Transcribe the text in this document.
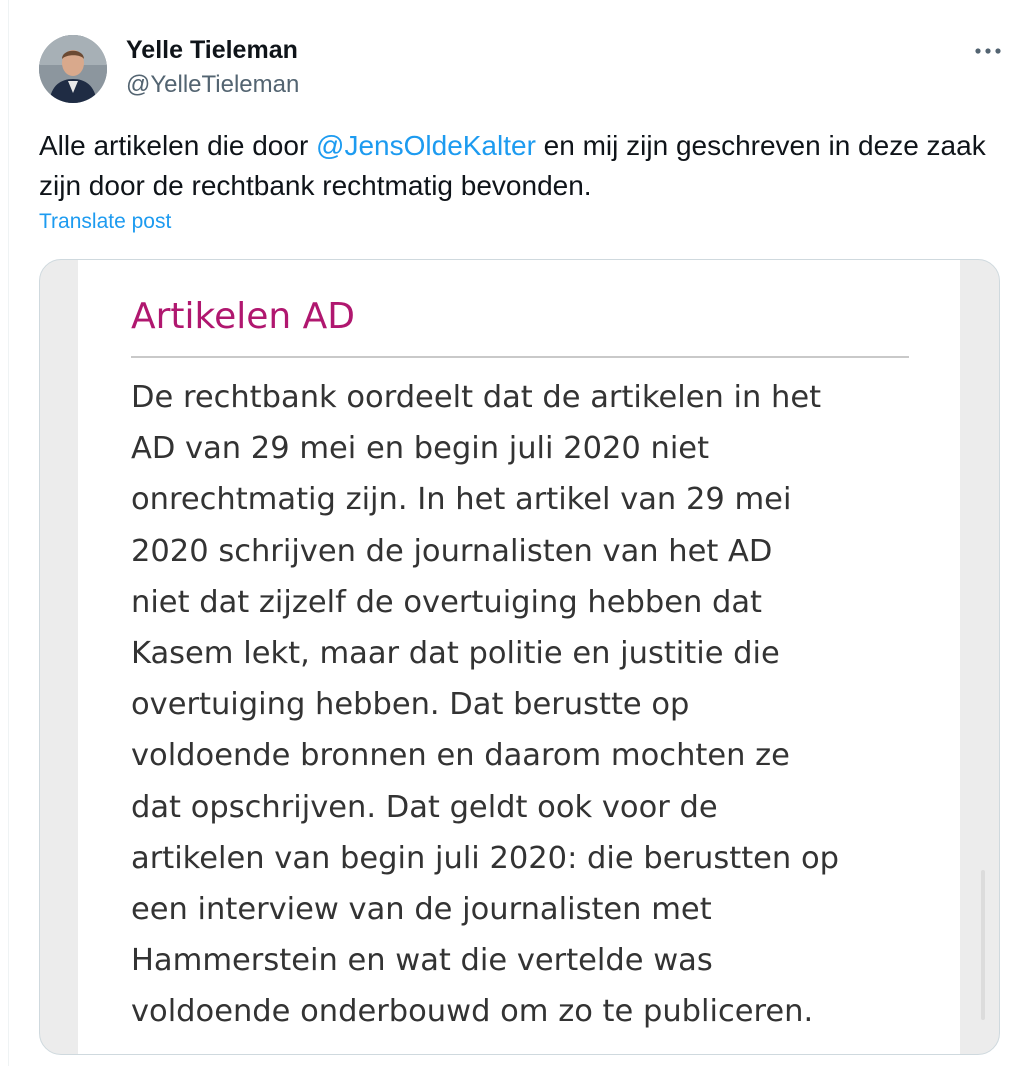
Yelle Tieleman
@YelleTieleman
Alle artikelen die door @JensOldeKalter en mij zijn geschreven in deze zaak zijn door de rechtbank rechtmatig bevonden.
Translate post
Artikelen AD
De rechtbank oordeelt dat de artikelen in het
AD van 29 mei en begin juli 2020 niet
onrechtmatig zijn. In het artikel van 29 mei
2020 schrijven de journalisten van het AD
niet dat zijzelf de overtuiging hebben dat
Kasem lekt, maar dat politie en justitie die
overtuiging hebben. Dat berustte op
voldoende bronnen en daarom mochten ze
dat opschrijven. Dat geldt ook voor de
artikelen van begin juli 2020: die berustten op
een interview van de journalisten met
Hammerstein en wat die vertelde was
voldoende onderbouwd om zo te publiceren.
